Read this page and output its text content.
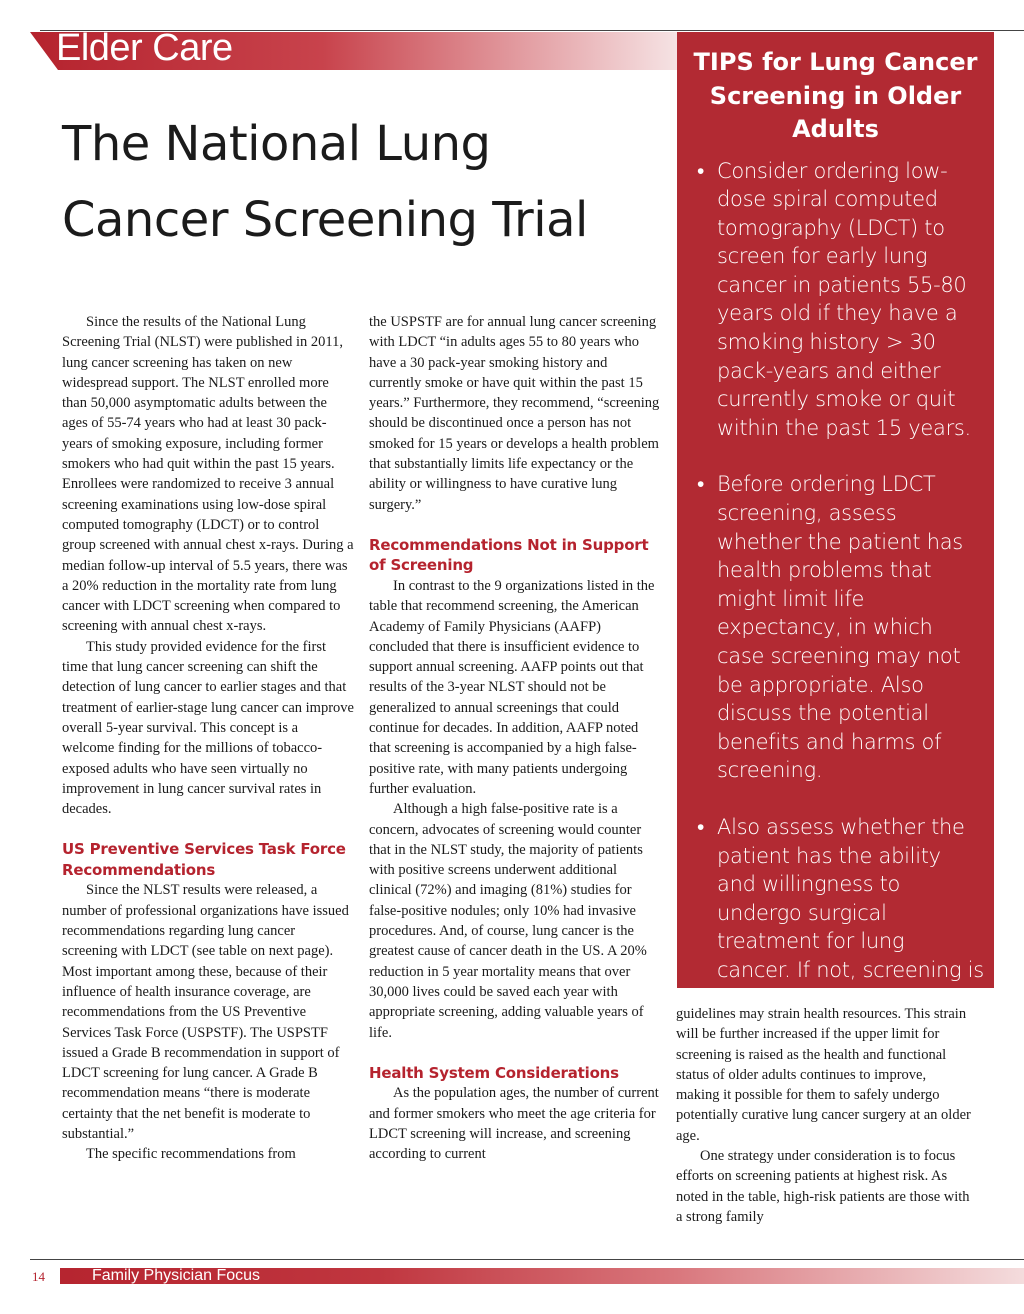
Elder Care
The National Lung Cancer Screening Trial

Since the results of the National Lung Screening Trial (NLST) were published in 2011, lung cancer screening has taken on new widespread support. The NLST enrolled more than 50,000 asymptomatic adults between the ages of 55-74 years who had at least 30 pack-years of smoking exposure, including former smokers who had quit within the past 15 years. Enrollees were randomized to receive 3 annual screening examinations using low-dose spiral computed tomography (LDCT) or to control group screened with annual chest x-rays. During a median follow-up interval of 5.5 years, there was a 20% reduction in the mortality rate from lung cancer with LDCT screening when compared to screening with annual chest x-rays.

This study provided evidence for the first time that lung cancer screening can shift the detection of lung cancer to earlier stages and that treatment of earlier-stage lung cancer can improve overall 5-year survival. This concept is a welcome finding for the millions of tobacco-exposed adults who have seen virtually no improvement in lung cancer survival rates in decades.

US Preventive Services Task Force Recommendations

Since the NLST results were released, a number of professional organizations have issued recommendations regarding lung cancer screening with LDCT (see table on next page). Most important among these, because of their influence of health insurance coverage, are recommendations from the US Preventive Services Task Force (USPSTF). The USPSTF issued a Grade B recommendation in support of LDCT screening for lung cancer. A Grade B recommendation means “there is moderate certainty that the net benefit is moderate to substantial.”

The specific recommendations from

the USPSTF are for annual lung cancer screening with LDCT “in adults ages 55 to 80 years who have a 30 pack-year smoking history and currently smoke or have quit within the past 15 years.” Furthermore, they recommend, “screening should be discontinued once a person has not smoked for 15 years or develops a health problem that substantially limits life expectancy or the ability or willingness to have curative lung surgery.”

Recommendations Not in Support of Screening

In contrast to the 9 organizations listed in the table that recommend screening, the American Academy of Family Physicians (AAFP) concluded that there is insufficient evidence to support annual screening. AAFP points out that results of the 3-year NLST should not be generalized to annual screenings that could continue for decades. In addition, AAFP noted that screening is accompanied by a high false-positive rate, with many patients undergoing further evaluation.

Although a high false-positive rate is a concern, advocates of screening would counter that in the NLST study, the majority of patients with positive screens underwent additional clinical (72%) and imaging (81%) studies for false-positive nodules; only 10% had invasive procedures. And, of course, lung cancer is the greatest cause of cancer death in the US. A 20% reduction in 5 year mortality means that over 30,000 lives could be saved each year with appropriate screening, adding valuable years of life.

Health System Considerations

As the population ages, the number of current and former smokers who meet the age criteria for LDCT screening will increase, and screening according to current

guidelines may strain health resources. This strain will be further increased if the upper limit for screening is raised as the health and functional status of older adults continues to improve, making it possible for them to safely undergo potentially curative lung cancer surgery at an older age.

One strategy under consideration is to focus efforts on screening patients at highest risk. As noted in the table, high-risk patients are those with a strong family

TIPS for Lung Cancer Screening in Older Adults
• Consider ordering low-dose spiral computed tomography (LDCT) to screen for early lung cancer in patients 55-80 years old if they have a smoking history > 30 pack-years and either currently smoke or quit within the past 15 years.
• Before ordering LDCT screening, assess whether the patient has health problems that might limit life expectancy, in which case screening may not be appropriate. Also discuss the potential benefits and harms of screening.
• Also assess whether the patient has the ability and willingness to undergo surgical treatment for lung cancer. If not, screening is not appropriate.
14	Family Physician Focus
